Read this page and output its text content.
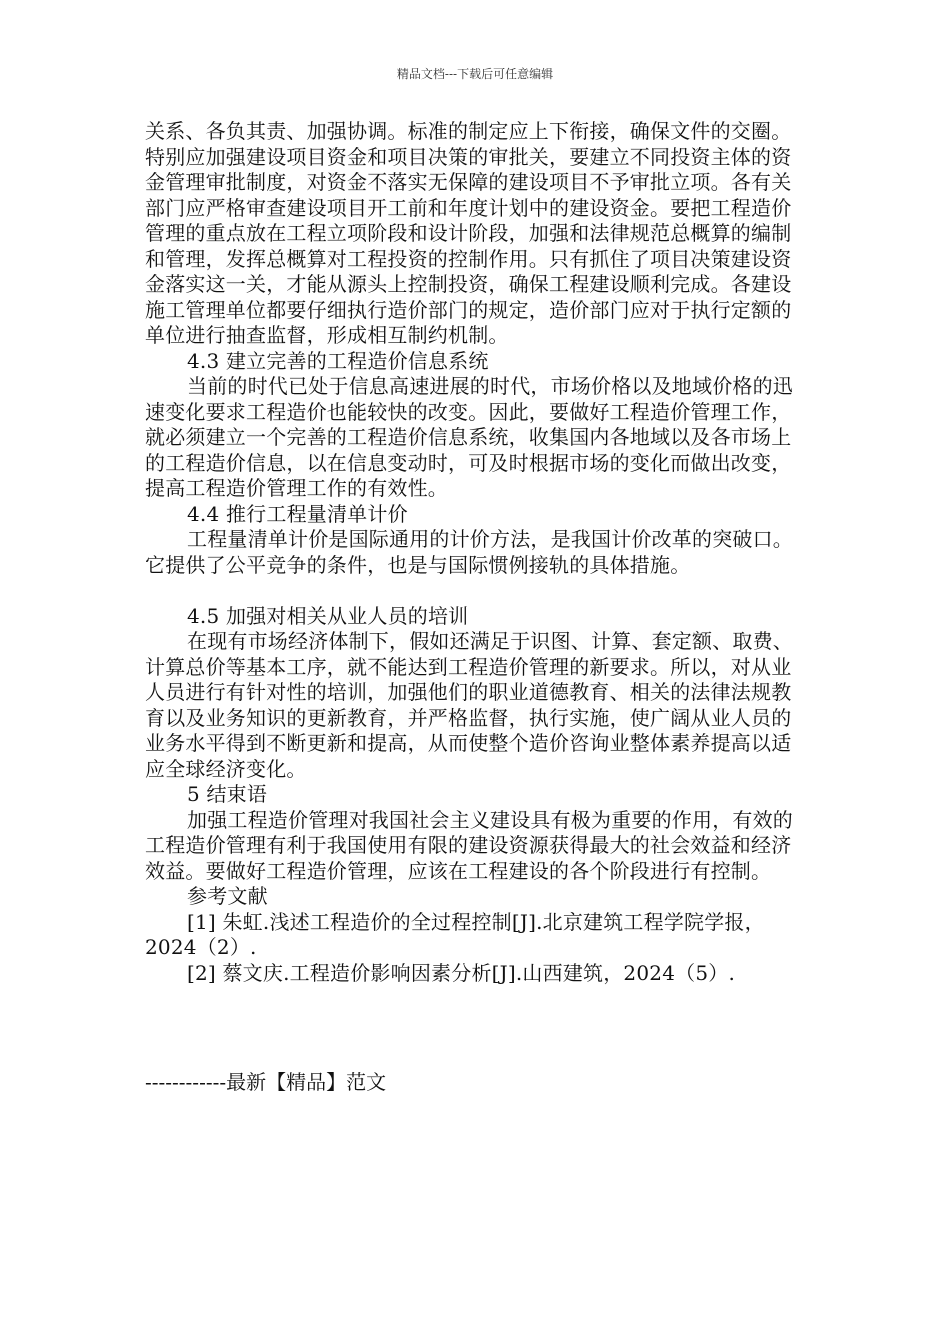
精品文档---下载后可任意编辑

关系、各负其责、加强协调。标准的制定应上下衔接，确保文件的交圈。特别应加强建设项目资金和项目决策的审批关，要建立不同投资主体的资金管理审批制度，对资金不落实无保障的建设项目不予审批立项。各有关部门应严格审查建设项目开工前和年度计划中的建设资金。要把工程造价管理的重点放在工程立项阶段和设计阶段，加强和法律规范总概算的编制和管理，发挥总概算对工程投资的控制作用。只有抓住了项目决策建设资金落实这一关，才能从源头上控制投资，确保工程建设顺利完成。各建设施工管理单位都要仔细执行造价部门的规定，造价部门应对于执行定额的单位进行抽查监督，形成相互制约机制。

4.3 建立完善的工程造价信息系统

当前的时代已处于信息高速进展的时代，市场价格以及地域价格的迅速变化要求工程造价也能较快的改变。因此，要做好工程造价管理工作，就必须建立一个完善的工程造价信息系统，收集国内各地域以及各市场上的工程造价信息，以在信息变动时，可及时根据市场的变化而做出改变，提高工程造价管理工作的有效性。

4.4 推行工程量清单计价

工程量清单计价是国际通用的计价方法，是我国计价改革的突破口。它提供了公平竞争的条件，也是与国际惯例接轨的具体措施。

4.5 加强对相关从业人员的培训

在现有市场经济体制下，假如还满足于识图、计算、套定额、取费、计算总价等基本工序，就不能达到工程造价管理的新要求。所以，对从业人员进行有针对性的培训，加强他们的职业道德教育、相关的法律法规教育以及业务知识的更新教育，并严格监督，执行实施，使广阔从业人员的业务水平得到不断更新和提高，从而使整个造价咨询业整体素养提高以适应全球经济变化。

5 结束语

加强工程造价管理对我国社会主义建设具有极为重要的作用，有效的工程造价管理有利于我国使用有限的建设资源获得最大的社会效益和经济效益。要做好工程造价管理，应该在工程建设的各个阶段进行有控制。

参考文献

[1] 朱虹.浅述工程造价的全过程控制[J].北京建筑工程学院学报，2024（2）.

[2] 蔡文庆.工程造价影响因素分析[J].山西建筑，2024（5）.

------------最新【精品】范文
